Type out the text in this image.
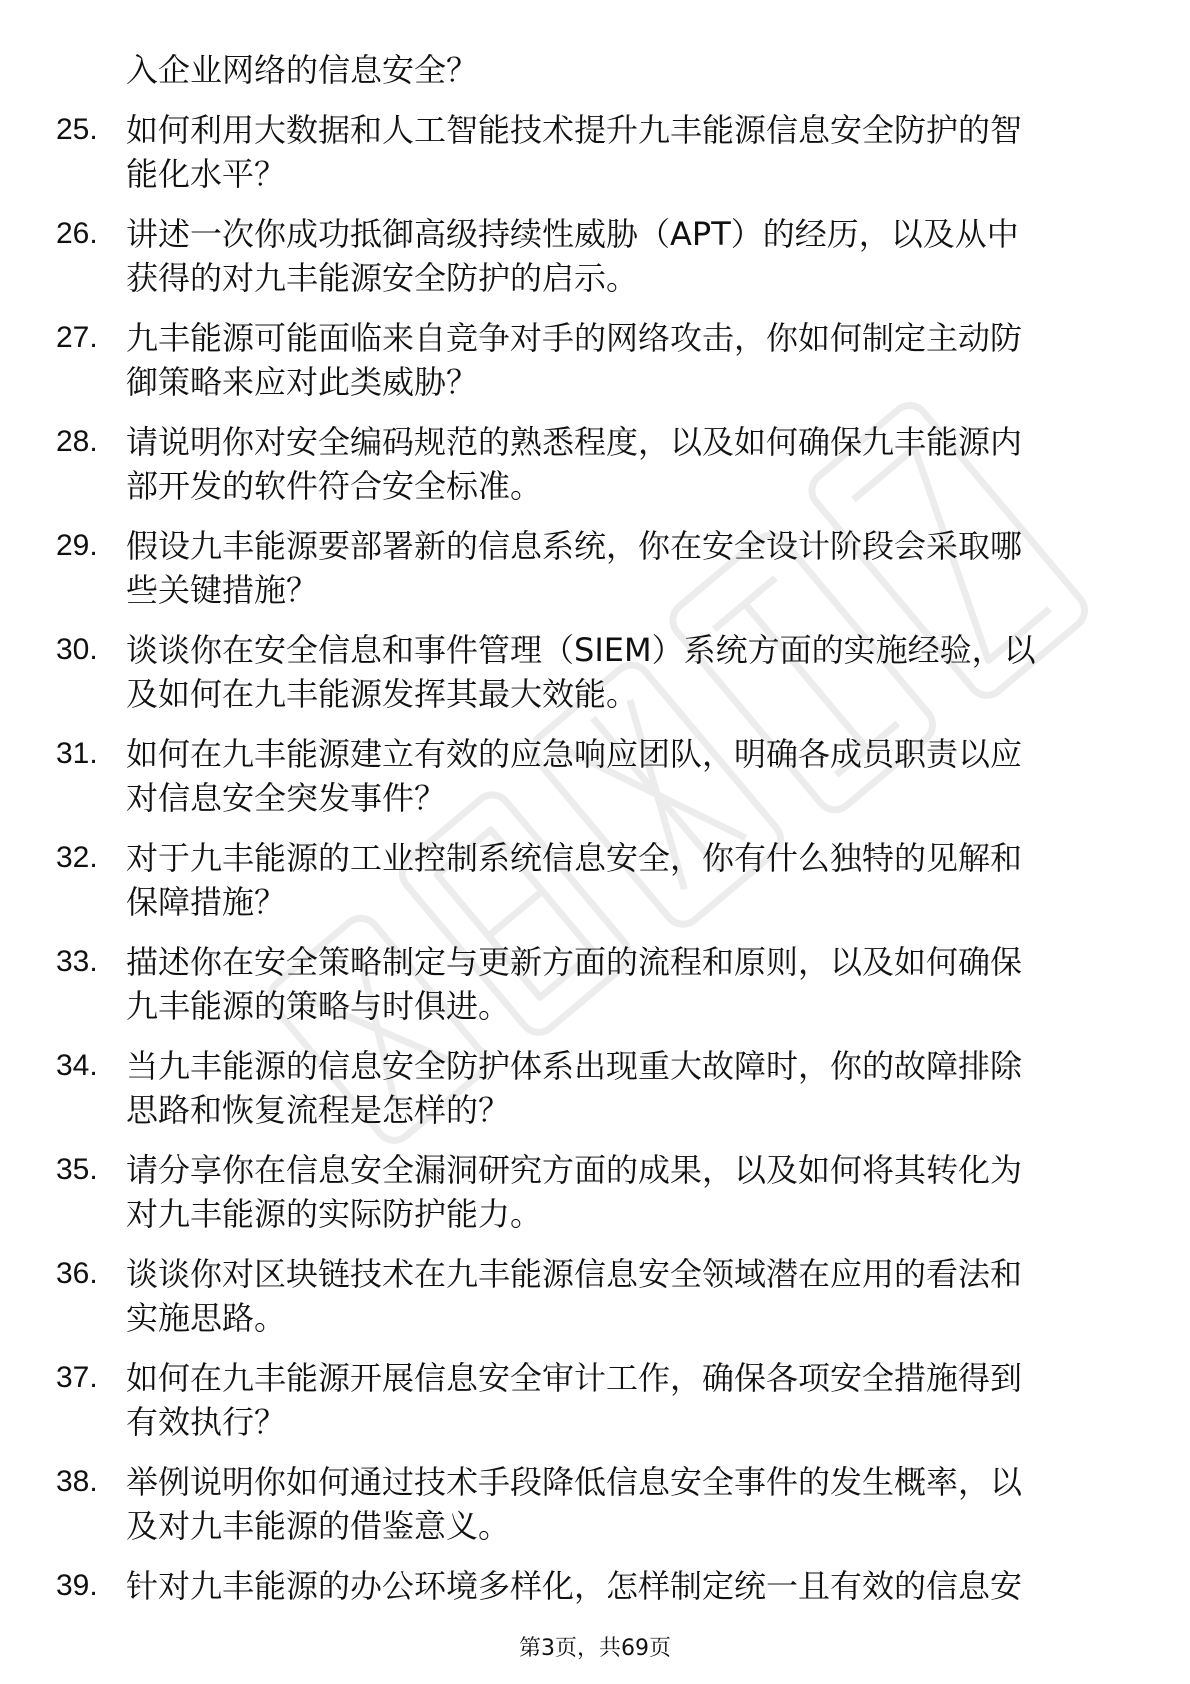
入企业网络的信息安全？
25. 如何利用大数据和人工智能技术提升九丰能源信息安全防护的智
能化水平？
26. 讲述一次你成功抵御高级持续性威胁（APT）的经历，以及从中
获得的对九丰能源安全防护的启示。
27. 九丰能源可能面临来自竞争对手的网络攻击，你如何制定主动防
御策略来应对此类威胁？
28. 请说明你对安全编码规范的熟悉程度，以及如何确保九丰能源内
部开发的软件符合安全标准。
29. 假设九丰能源要部署新的信息系统，你在安全设计阶段会采取哪
些关键措施？
30. 谈谈你在安全信息和事件管理（SIEM）系统方面的实施经验，以
及如何在九丰能源发挥其最大效能。
31. 如何在九丰能源建立有效的应急响应团队，明确各成员职责以应
对信息安全突发事件？
32. 对于九丰能源的工业控制系统信息安全，你有什么独特的见解和
保障措施？
33. 描述你在安全策略制定与更新方面的流程和原则，以及如何确保
九丰能源的策略与时俱进。
34. 当九丰能源的信息安全防护体系出现重大故障时，你的故障排除
思路和恢复流程是怎样的？
35. 请分享你在信息安全漏洞研究方面的成果，以及如何将其转化为
对九丰能源的实际防护能力。
36. 谈谈你对区块链技术在九丰能源信息安全领域潜在应用的看法和
实施思路。
37. 如何在九丰能源开展信息安全审计工作，确保各项安全措施得到
有效执行？
38. 举例说明你如何通过技术手段降低信息安全事件的发生概率，以
及对九丰能源的借鉴意义。
39. 针对九丰能源的办公环境多样化，怎样制定统一且有效的信息安
第3页，共69页
